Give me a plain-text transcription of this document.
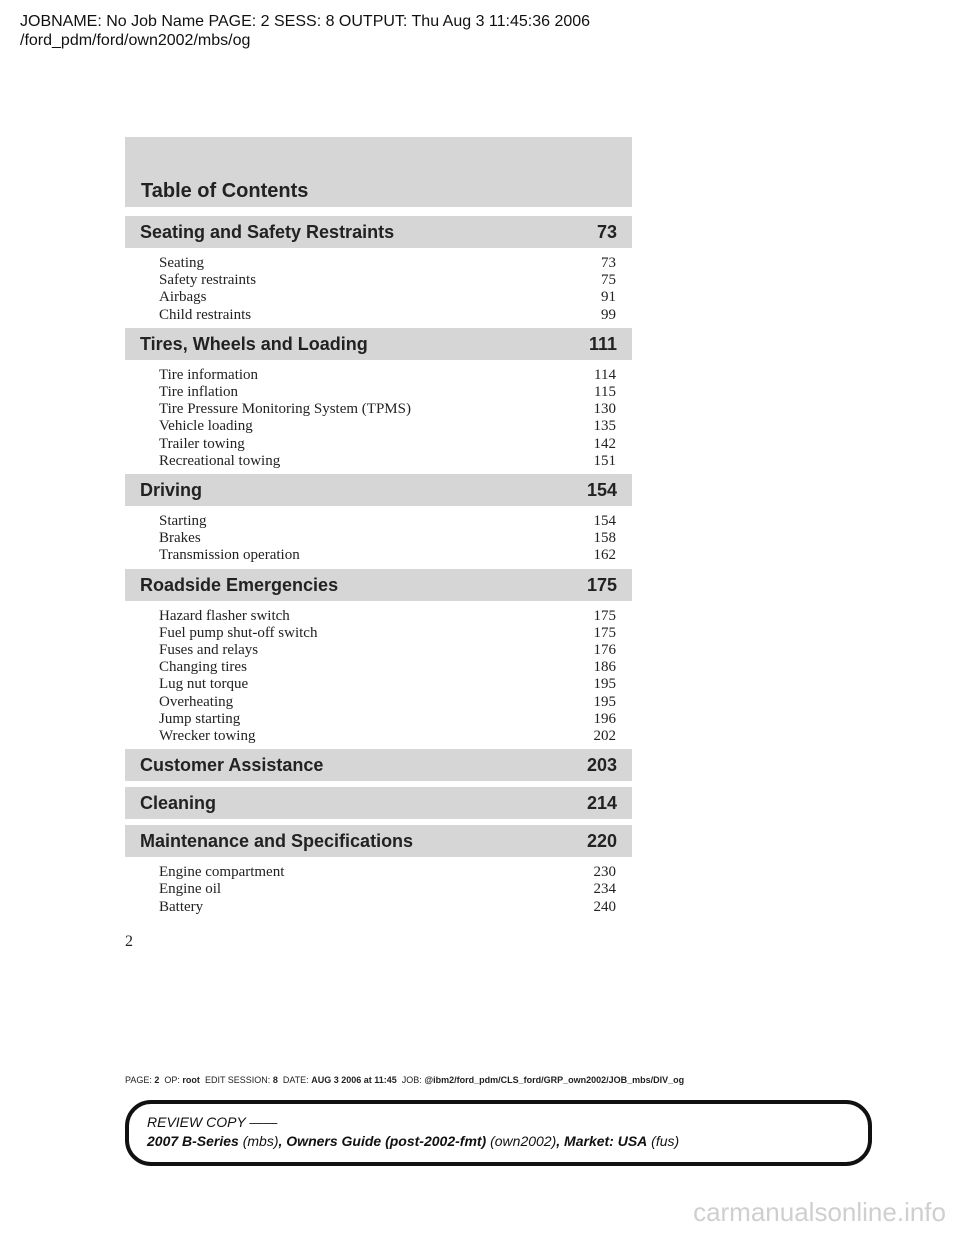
JOBNAME: No Job Name PAGE: 2 SESS: 8 OUTPUT: Thu Aug 3 11:45:36 2006
/ford_pdm/ford/own2002/mbs/og
Table of Contents
Seating and Safety Restraints	73
Seating	73
Safety restraints	75
Airbags	91
Child restraints	99
Tires, Wheels and Loading	111
Tire information	114
Tire inflation	115
Tire Pressure Monitoring System (TPMS)	130
Vehicle loading	135
Trailer towing	142
Recreational towing	151
Driving	154
Starting	154
Brakes	158
Transmission operation	162
Roadside Emergencies	175
Hazard flasher switch	175
Fuel pump shut-off switch	175
Fuses and relays	176
Changing tires	186
Lug nut torque	195
Overheating	195
Jump starting	196
Wrecker towing	202
Customer Assistance	203
Cleaning	214
Maintenance and Specifications	220
Engine compartment	230
Engine oil	234
Battery	240
2
PAGE: 2 OP: root EDIT SESSION: 8 DATE: AUG 3 2006 at 11:45 JOB: @ibm2/ford_pdm/CLS_ford/GRP_own2002/JOB_mbs/DIV_og
REVIEW COPY ——
2007 B-Series (mbs), Owners Guide (post-2002-fmt) (own2002), Market: USA (fus)
carmanualsonline.info
